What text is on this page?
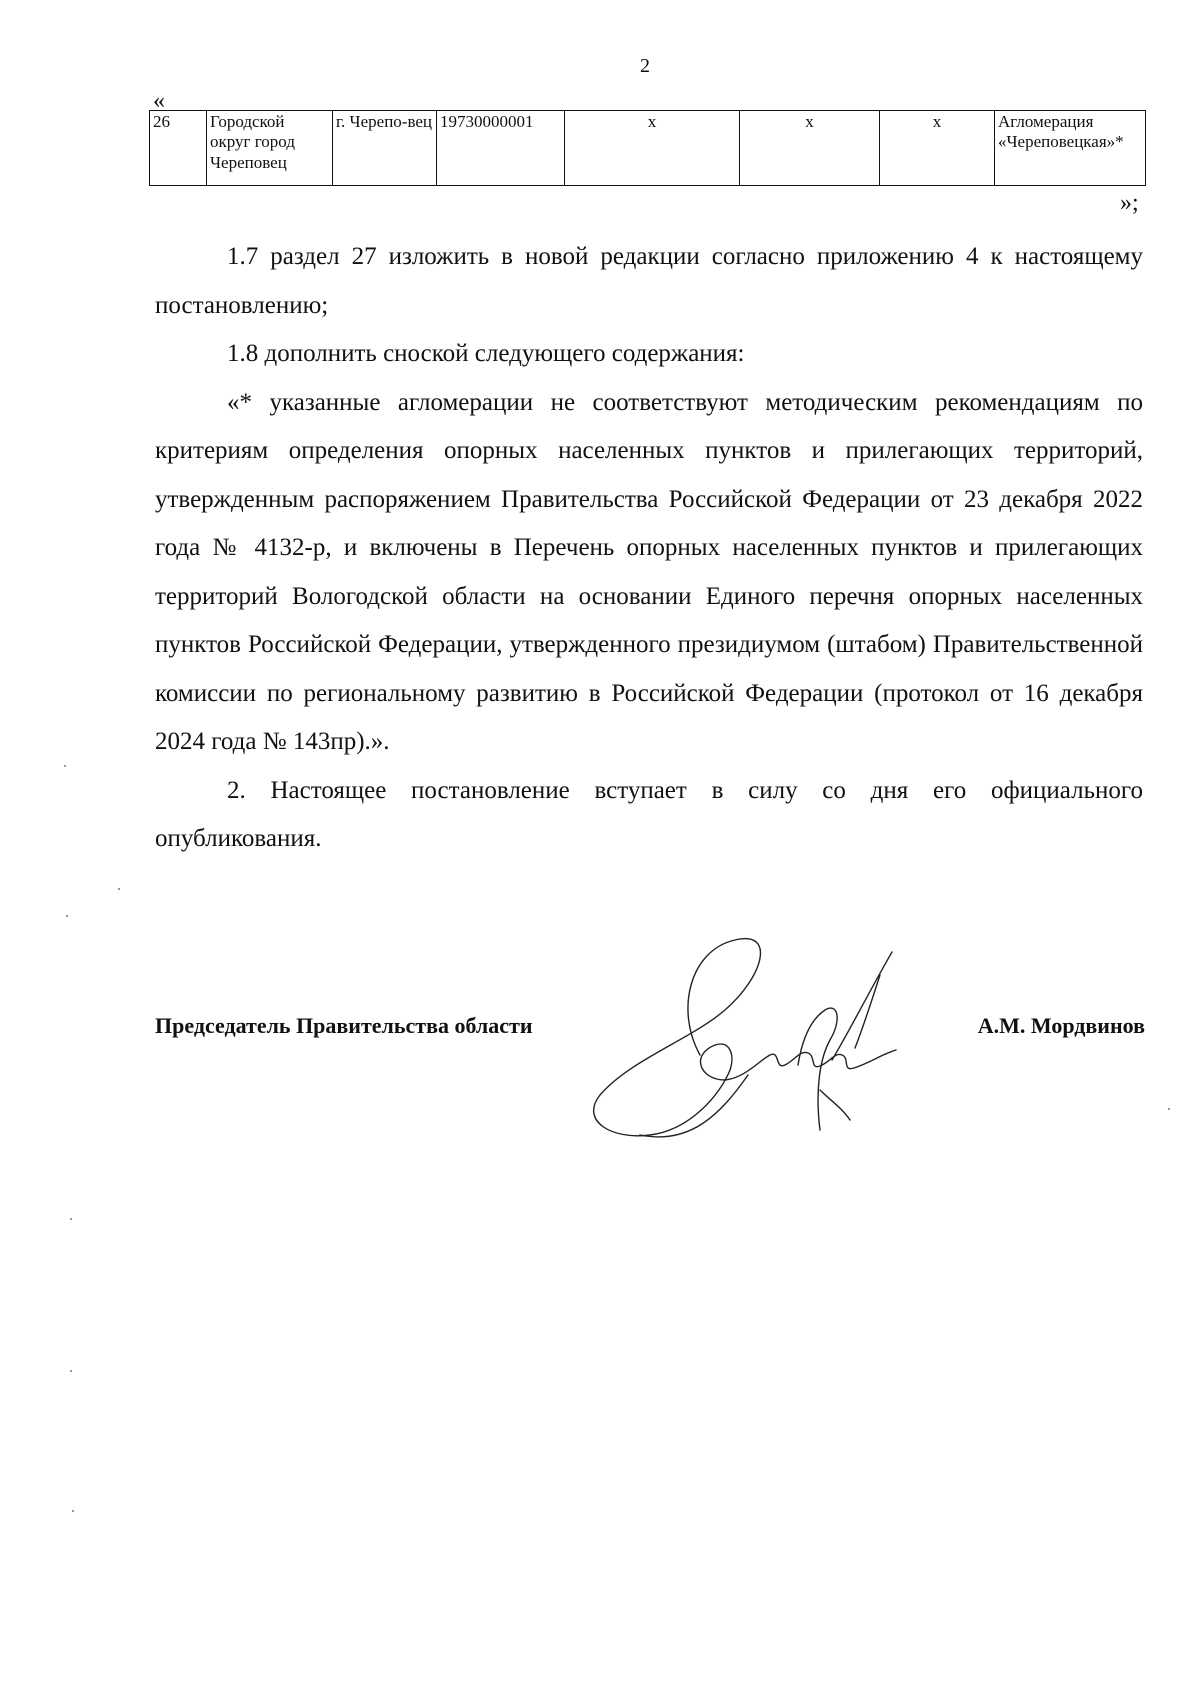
2
«
26	Городской округ город Череповец	г. Черепо-вец	19730000001	x	x	x	Агломерация «Череповецкая»*
»;

1.7 раздел 27 изложить в новой редакции согласно приложению 4 к настоящему постановлению;

1.8 дополнить сноской следующего содержания:

«* указанные агломерации не соответствуют методическим рекомендациям по критериям определения опорных населенных пунктов и прилегающих территорий, утвержденным распоряжением Правительства Российской Федерации от 23 декабря 2022 года № 4132-р, и включены в Перечень опорных населенных пунктов и прилегающих территорий Вологодской области на основании Единого перечня опорных населенных пунктов Российской Федерации, утвержденного президиумом (штабом) Правительственной комиссии по региональному развитию в Российской Федерации (протокол от 16 декабря 2024 года № 143пр).».

2. Настоящее постановление вступает в силу со дня его официального опубликования.

Председатель Правительства области	А.М. Мордвинов
